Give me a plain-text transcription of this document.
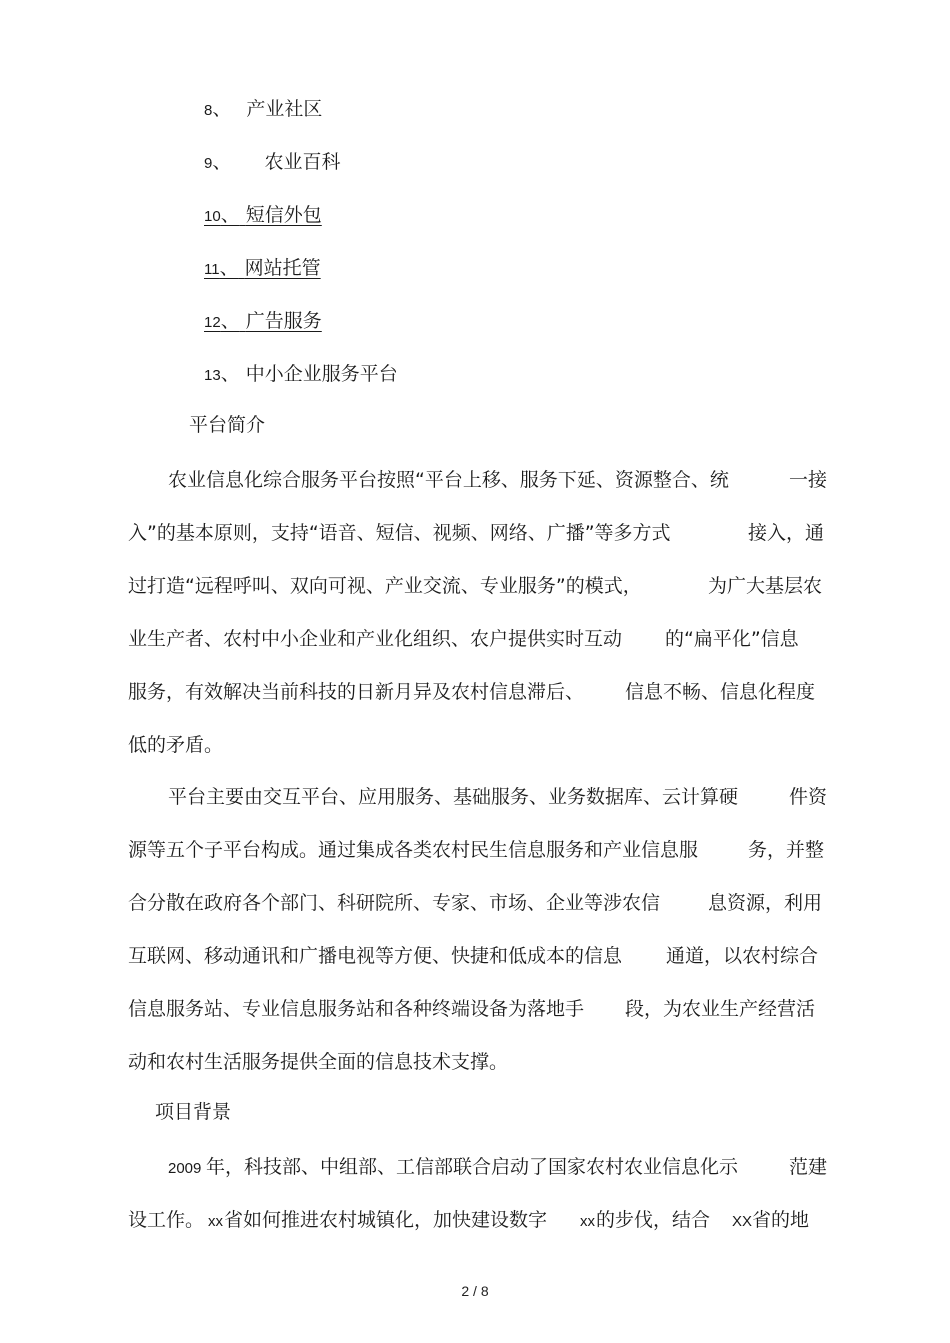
8、 产业社区
9、 农业百科
10、 短信外包
11、 网站托管
12、 广告服务
13、 中小企业服务平台
平台简介
农业信息化综合服务平台按照“平台上移、服务下延、资源整合、统	一接
入”的基本原则，支持“语音、短信、视频、网络、广播”等多方式	接入，通
过打造“远程呼叫、双向可视、产业交流、专业服务”的模式，	为广大基层农
业生产者、农村中小企业和产业化组织、农户提供实时互动 的“扁平化”信息
服务，有效解决当前科技的日新月异及农村信息滞后、 信息不畅、信息化程度
低的矛盾。
平台主要由交互平台、应用服务、基础服务、业务数据库、云计算硬	件资
源等五个子平台构成。通过集成各类农村民生信息服务和产业信息服	务，并整
合分散在政府各个部门、科研院所、专家、市场、企业等涉农信	息资源，利用
互联网、移动通讯和广播电视等方便、快捷和低成本的信息 通道，以农村综合
信息服务站、专业信息服务站和各种终端设备为落地手 段，为农业生产经营活
动和农村生活服务提供全面的信息技术支撑。
项目背景
2009 年，科技部、中组部、工信部联合启动了国家农村农业信息化示	范建
设工作。 xx 省如何推进农村城镇化，加快建设数字 xx 的步伐，结合 XX 省的地
2 / 8
